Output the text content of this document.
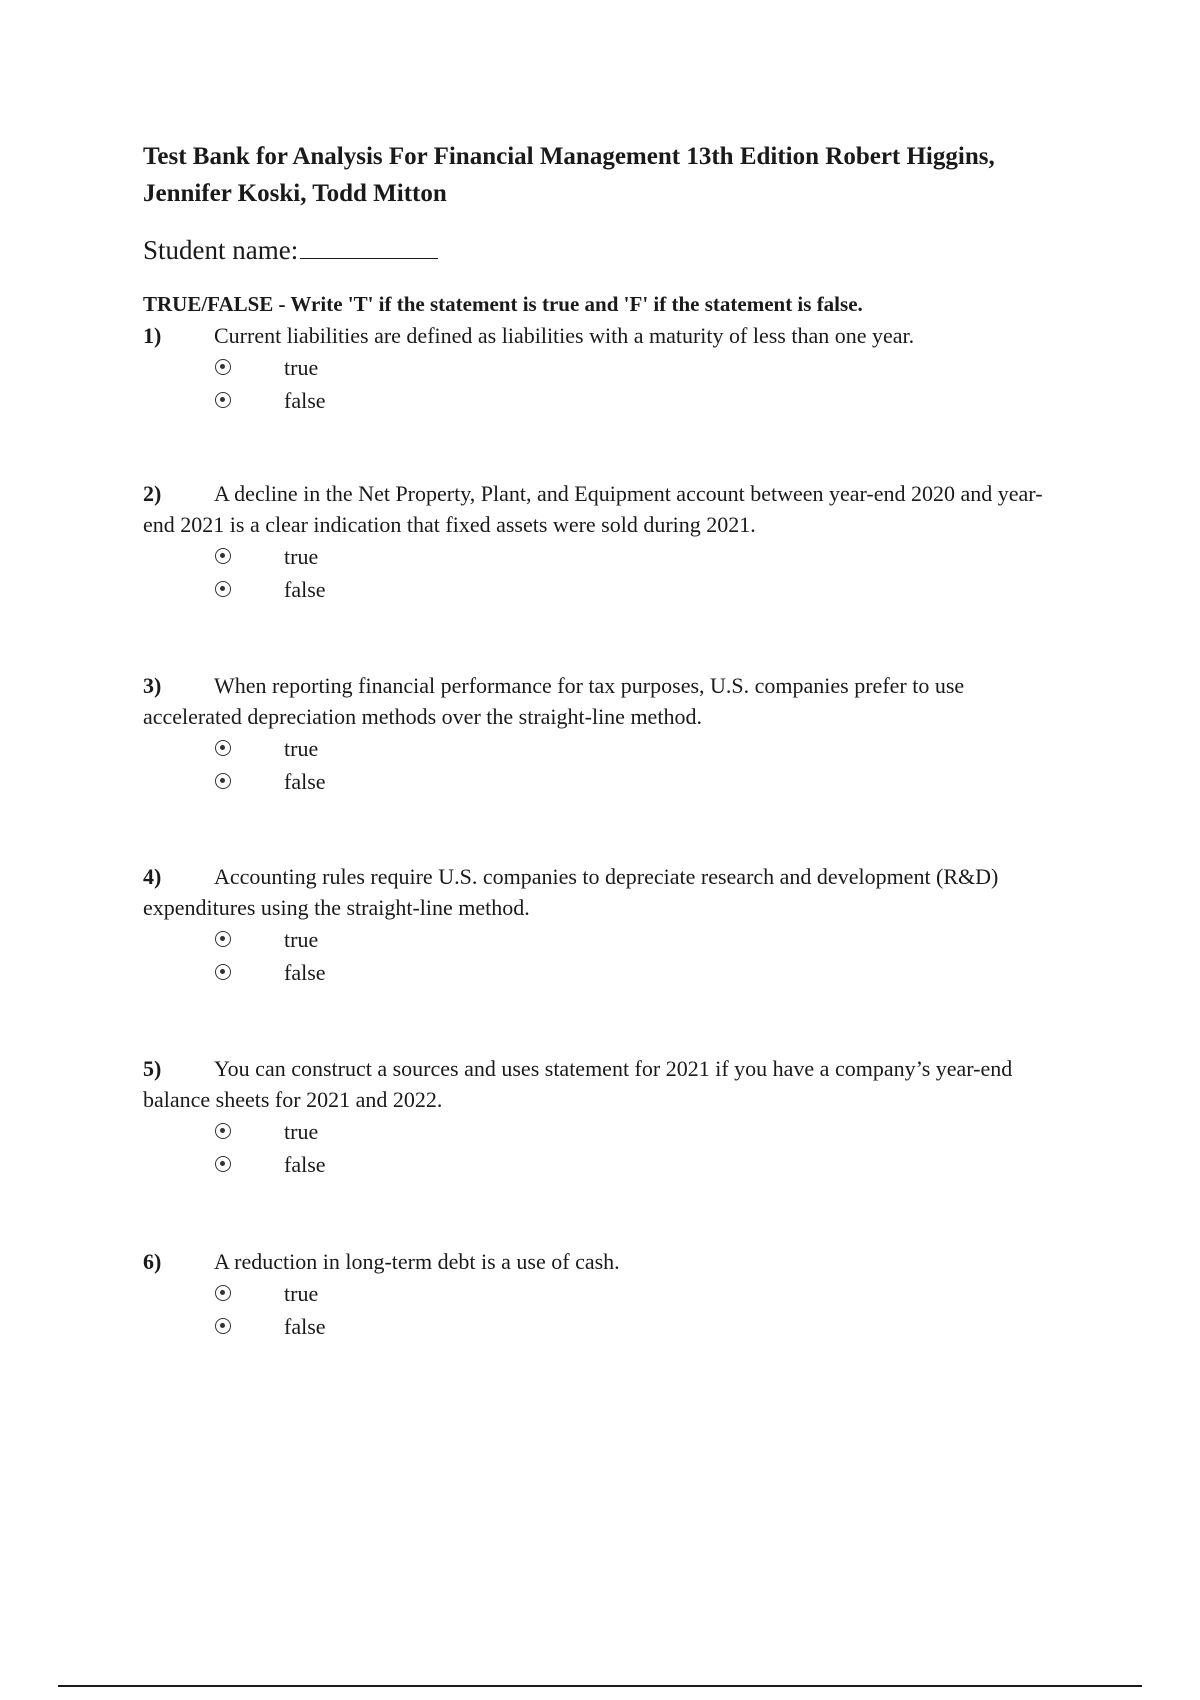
Test Bank for Analysis For Financial Management 13th Edition Robert Higgins, Jennifer Koski, Todd Mitton
Student name:
TRUE/FALSE - Write 'T' if the statement is true and 'F' if the statement is false.

1) Current liabilities are defined as liabilities with a maturity of less than one year.

true
false

2) A decline in the Net Property, Plant, and Equipment account between year-end 2020 and year-end 2021 is a clear indication that fixed assets were sold during 2021.

true
false

3) When reporting financial performance for tax purposes, U.S. companies prefer to use accelerated depreciation methods over the straight-line method.

true
false

4) Accounting rules require U.S. companies to depreciate research and development (R&D) expenditures using the straight-line method.

true
false

5) You can construct a sources and uses statement for 2021 if you have a company’s year-end balance sheets for 2021 and 2022.

true
false

6) A reduction in long-term debt is a use of cash.

true
false
